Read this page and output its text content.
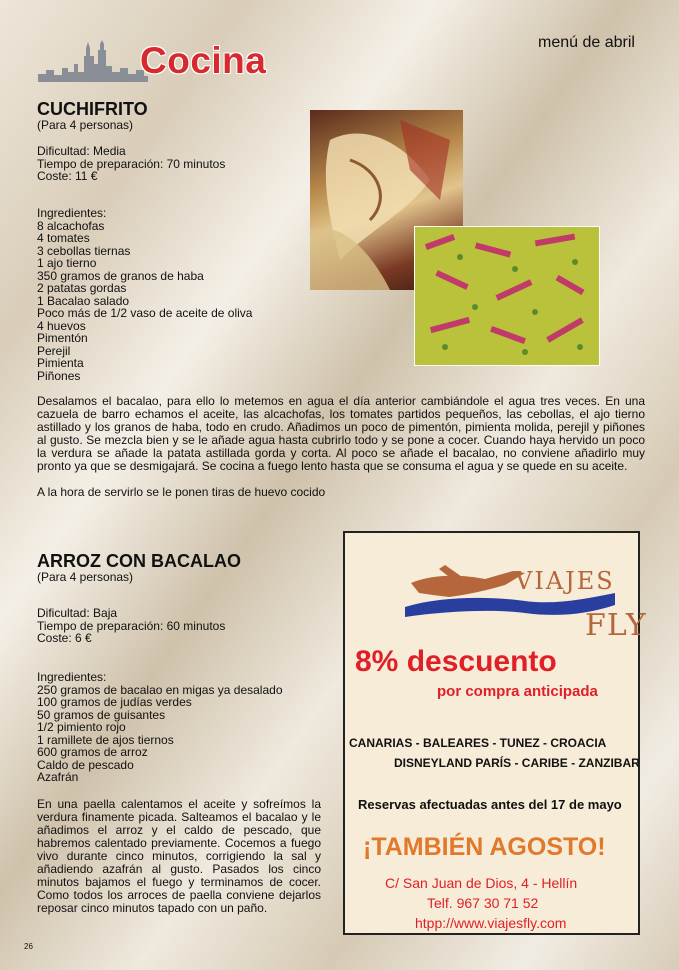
Cocina	menú de abril
CUCHIFRITO
(Para 4 personas)
Dificultad: Media
Tiempo de preparación: 70 minutos
Coste: 11 €
Ingredientes:
8 alcachofas
4 tomates
3 cebollas tiernas
1 ajo tierno
350 gramos de granos de haba
2 patatas gordas
1 Bacalao salado
Poco más de 1/2 vaso de aceite de oliva
4 huevos
Pimentón
Perejil
Pimienta
Piñones
Desalamos el bacalao, para ello lo metemos en agua el día anterior cambiándole el agua tres veces. En una cazuela de barro echamos el aceite, las alcachofas, los tomates partidos pequeños, las cebollas, el ajo tierno astillado y los granos de haba, todo en crudo. Añadimos un poco de pimentón, pimienta molida, perejil y piñones al gusto. Se mezcla bien y se le añade agua hasta cubrirlo todo y se pone a cocer. Cuando haya hervido un poco la verdura se añade la patata astillada gorda y corta. Al poco se añade el bacalao, no conviene añadirlo muy pronto ya que se desmigajará. Se cocina a fuego lento hasta que se consuma el agua y se quede en su aceite.
A la hora de servirlo se le ponen tiras de huevo cocido
ARROZ CON BACALAO
(Para 4 personas)
Dificultad: Baja
Tiempo de preparación: 60 minutos
Coste: 6 €
Ingredientes:
250 gramos de bacalao en migas ya desalado
100 gramos de judías verdes
50 gramos de guisantes
1/2 pimiento rojo
1 ramillete de ajos tiernos
600 gramos de arroz
Caldo de pescado
Azafrán
En una paella calentamos el aceite y sofreímos la verdura finamente picada. Salteamos el bacalao y le añadimos el arroz y el caldo de pescado, que habremos calentado previamente. Cocemos a fuego vivo durante cinco minutos, corrigiendo la sal y añadiendo azafrán al gusto. Pasados los cinco minutos bajamos el fuego y terminamos de cocer. Como todos los arroces de paella conviene dejarlos reposar cinco minutos tapado con un paño.
VIAJES
FLY
8% descuento
por compra anticipada
CANARIAS - BALEARES - TUNEZ - CROACIA
DISNEYLAND PARÍS - CARIBE - ZANZIBAR
Reservas afectuadas antes del 17 de mayo
¡TAMBIÉN AGOSTO!
C/ San Juan de Dios, 4 - Hellín
Telf. 967 30 71 52
htpp://www.viajesfly.com
26
